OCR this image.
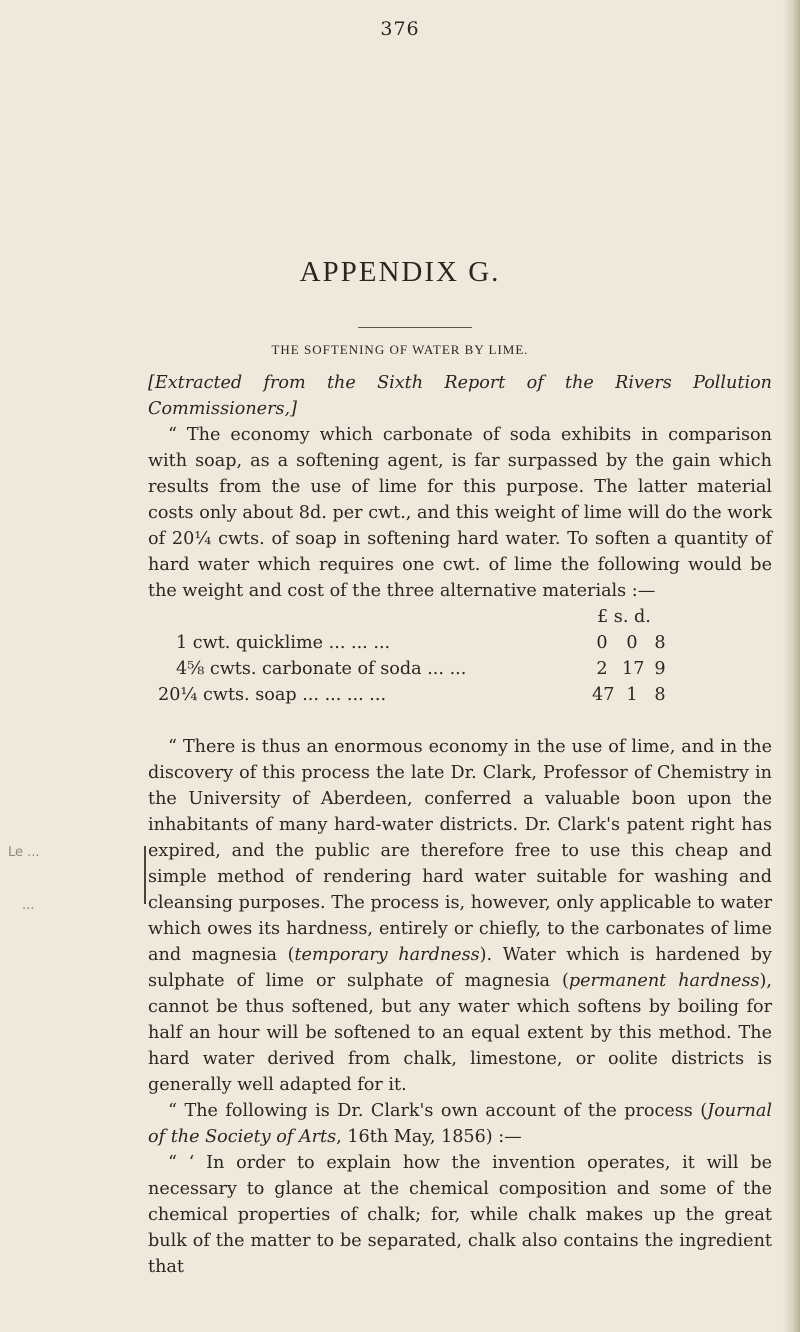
376
APPENDIX G.
THE SOFTENING OF WATER BY LIME.
Le ...
...

[Extracted from the Sixth Report of the Rivers Pollution Commissioners,]

“ The economy which carbonate of soda exhibits in comparison with soap, as a softening agent, is far surpassed by the gain which results from the use of lime for this purpose. The latter material costs only about 8d. per cwt., and this weight of lime will do the work of 20¼ cwts. of soap in softening hard water. To soften a quantity of hard water which requires one cwt. of lime the following would be the weight and cost of the three alternative materials :—

£ s. d.
1 cwt. quicklime ... ... ...	0 0 8
4⅝ cwts. carbonate of soda ... ...	2 17 9
20¼ cwts. soap ... ... ... ...	47 1 8

“ There is thus an enormous economy in the use of lime, and in the discovery of this process the late Dr. Clark, Professor of Chemistry in the University of Aberdeen, conferred a valuable boon upon the inhabitants of many hard-water districts. Dr. Clark's patent right has expired, and the public are therefore free to use this cheap and simple method of rendering hard water suitable for washing and cleansing purposes. The process is, however, only applicable to water which owes its hardness, entirely or chiefly, to the carbonates of lime and magnesia (temporary hardness). Water which is hardened by sulphate of lime or sulphate of magnesia (permanent hardness), cannot be thus softened, but any water which softens by boiling for half an hour will be softened to an equal extent by this method. The hard water derived from chalk, limestone, or oolite districts is generally well adapted for it.

“ The following is Dr. Clark's own account of the process (Journal of the Society of Arts, 16th May, 1856) :—

“ ‘ In order to explain how the invention operates, it will be necessary to glance at the chemical composition and some of the chemical properties of chalk; for, while chalk makes up the great bulk of the matter to be separated, chalk also contains the ingredient that
